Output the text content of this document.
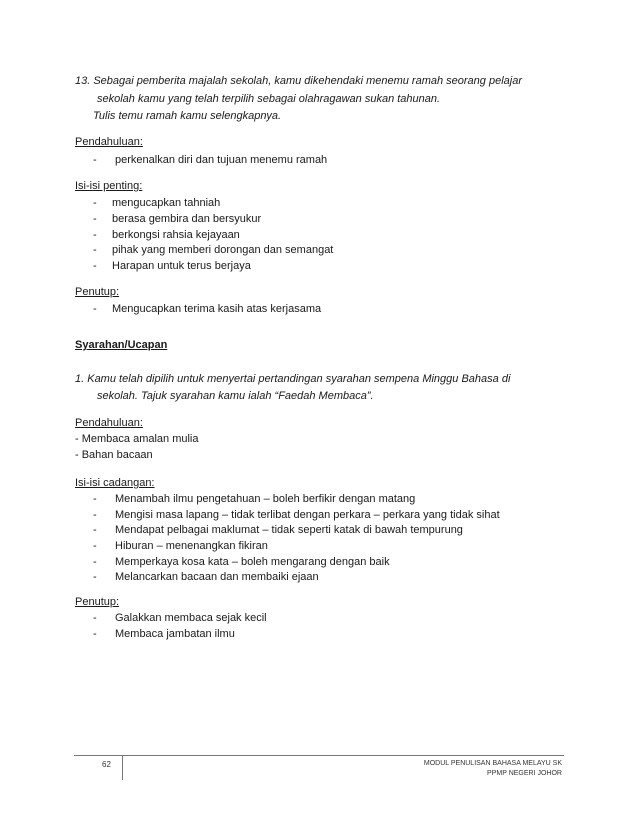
13. Sebagai pemberita majalah sekolah, kamu dikehendaki menemu ramah seorang pelajar
sekolah kamu yang telah terpilih sebagai olahragawan sukan tahunan.
Tulis temu ramah kamu selengkapnya.
Pendahuluan:
- perkenalkan diri dan tujuan menemu ramah
Isi-isi penting:
- mengucapkan tahniah
- berasa gembira dan bersyukur
- berkongsi rahsia kejayaan
- pihak yang memberi dorongan dan semangat
- Harapan untuk terus berjaya
Penutup:
- Mengucapkan terima kasih atas kerjasama
Syarahan/Ucapan
1. Kamu telah dipilih untuk menyertai pertandingan syarahan sempena Minggu Bahasa di
sekolah. Tajuk syarahan kamu ialah “Faedah Membaca”.
Pendahuluan:
- Membaca amalan mulia
- Bahan bacaan
Isi-isi cadangan:
- Menambah ilmu pengetahuan – boleh berfikir dengan matang
- Mengisi masa lapang – tidak terlibat dengan perkara – perkara yang tidak sihat
- Mendapat pelbagai maklumat – tidak seperti katak di bawah tempurung
- Hiburan – menenangkan fikiran
- Memperkaya kosa kata – boleh mengarang dengan baik
- Melancarkan bacaan dan membaiki ejaan
Penutup:
- Galakkan membaca sejak kecil
- Membaca jambatan ilmu
62	MODUL PENULISAN BAHASA MELAYU SK
PPMP NEGERI JOHOR
